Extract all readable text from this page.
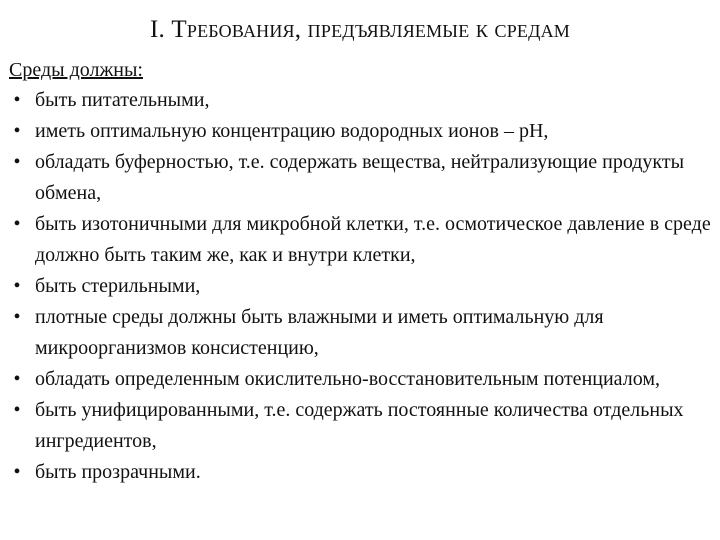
I. Требования, предъявляемые к средам
Среды должны:
• быть питательными,
• иметь оптимальную концентрацию водородных ионов – рН,
• обладать буферностью, т.е. содержать вещества, нейтрализующие продукты обмена,
• быть изотоничными для микробной клетки, т.е. осмотическое давление в среде должно быть таким же, как и внутри клетки,
• быть стерильными,
• плотные среды должны быть влажными и иметь оптимальную для микроорганизмов консистенцию,
• обладать определенным окислительно-восстановительным потенциалом,
• быть унифицированными, т.е. содержать постоянные количества отдельных ингредиентов,
• быть прозрачными.
